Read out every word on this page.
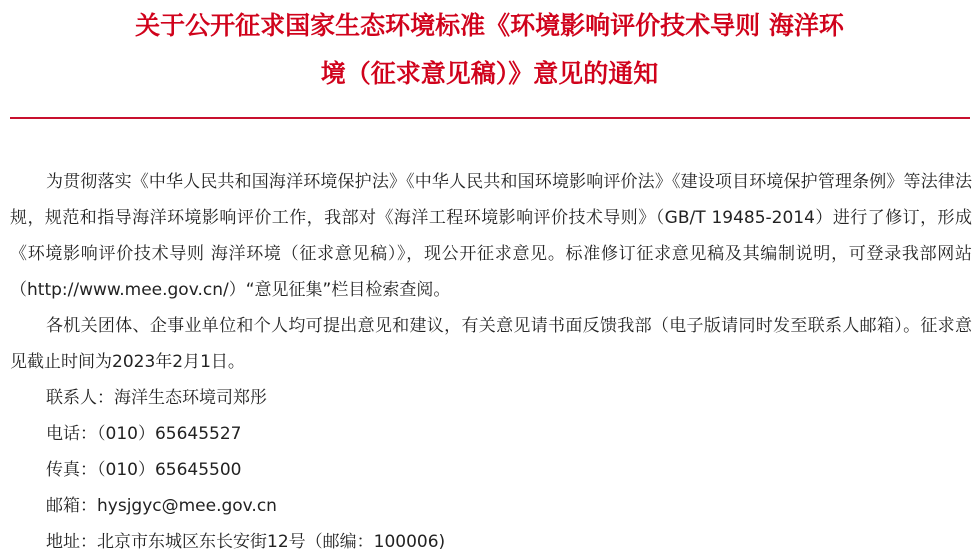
关于公开征求国家生态环境标准《环境影响评价技术导则 海洋环
境（征求意见稿）》意见的通知

为贯彻落实《中华人民共和国海洋环境保护法》《中华人民共和国环境影响评价法》《建设项目环境保护管理条例》等法律法规，规范和指导海洋环境影响评价工作，我部对《海洋工程环境影响评价技术导则》（GB/T 19485-2014）进行了修订，形成《环境影响评价技术导则 海洋环境（征求意见稿）》，现公开征求意见。标准修订征求意见稿及其编制说明，可登录我部网站（http://www.mee.gov.cn/）“意见征集”栏目检索查阅。

各机关团体、企事业单位和个人均可提出意见和建议，有关意见请书面反馈我部（电子版请同时发至联系人邮箱）。征求意见截止时间为2023年2月1日。

联系人：海洋生态环境司郑彤

电话：（010）65645527

传真：（010）65645500

邮箱：hysjgyc@mee.gov.cn

地址：北京市东城区东长安街12号（邮编：100006)
